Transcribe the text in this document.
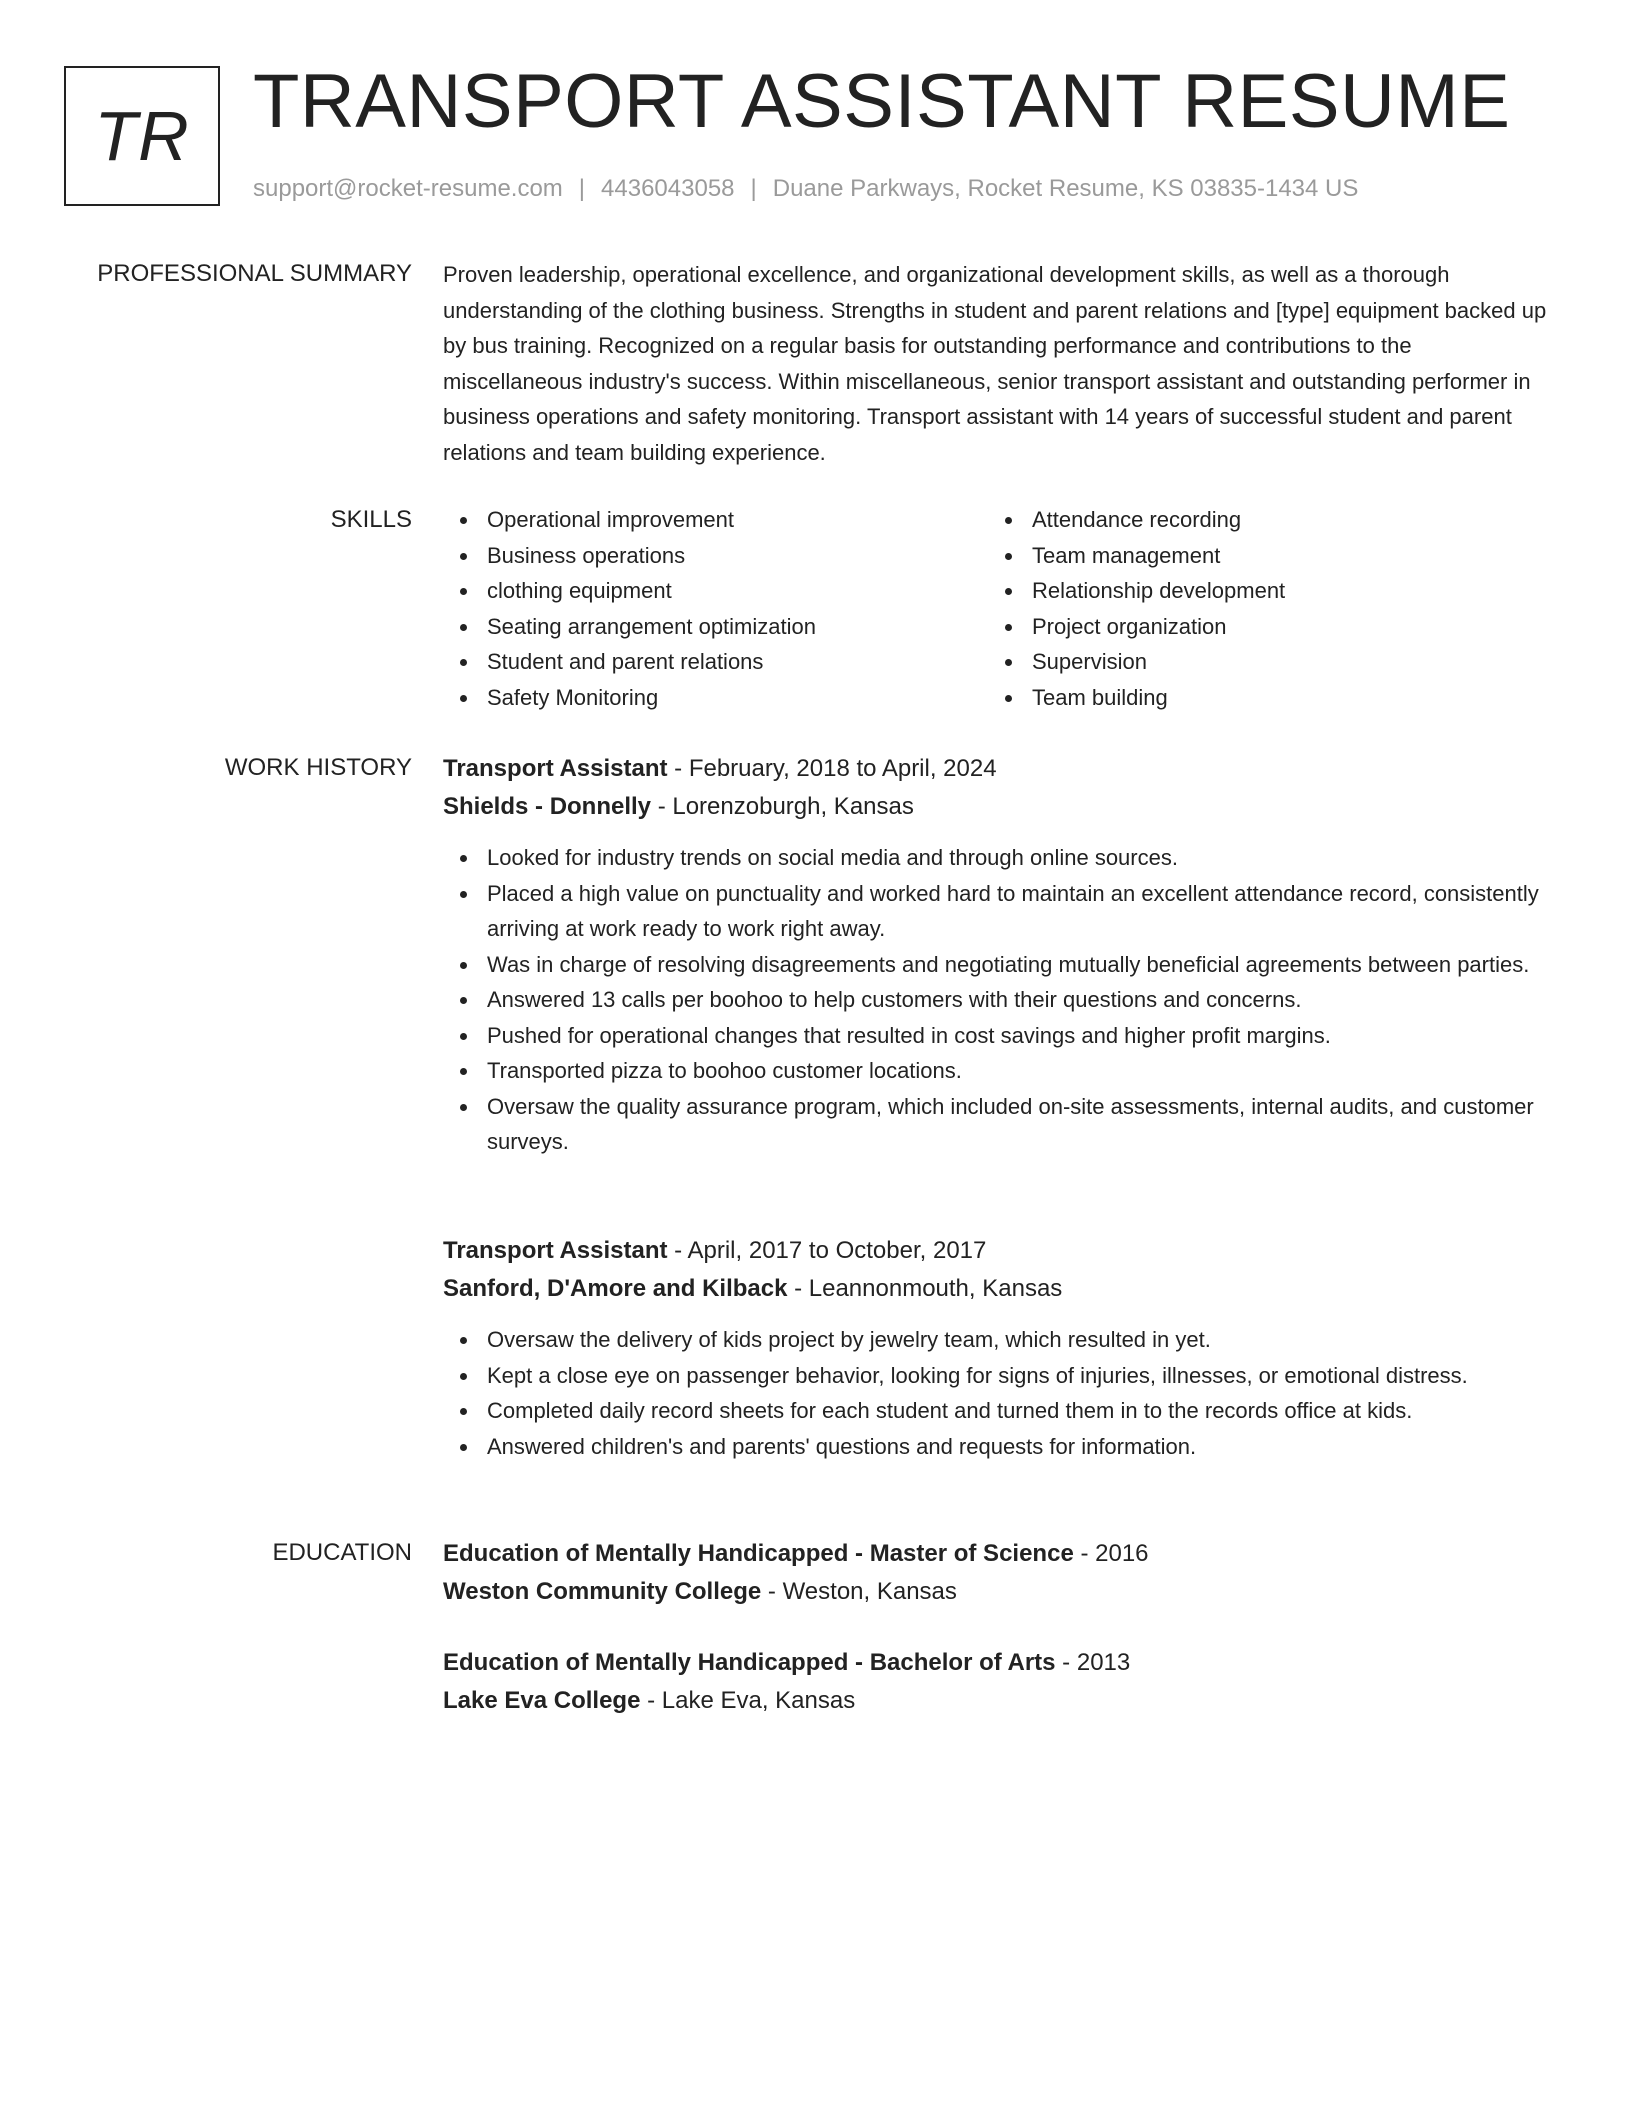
TR TRANSPORT ASSISTANT RESUME
support@rocket-resume.com | 4436043058 | Duane Parkways, Rocket Resume, KS 03835-1434 US
PROFESSIONAL SUMMARY Proven leadership, operational excellence, and organizational development skills, as well as a thorough understanding of the clothing business. Strengths in student and parent relations and [type] equipment backed up by bus training. Recognized on a regular basis for outstanding performance and contributions to the miscellaneous industry's success. Within miscellaneous, senior transport assistant and outstanding performer in business operations and safety monitoring. Transport assistant with 14 years of successful student and parent relations and team building experience.

SKILLS	Operational improvement
Business operations
clothing equipment
Seating arrangement optimization
Student and parent relations
Safety Monitoring
Attendance recording
Team management
Relationship development
Project organization
Supervision
Team building
WORK HISTORY Transport Assistant - February, 2018 to April, 2024
Shields - Donnelly - Lorenzoburgh, Kansas
Looked for industry trends on social media and through online sources.
Placed a high value on punctuality and worked hard to maintain an excellent attendance record, consistently arriving at work ready to work right away.
Was in charge of resolving disagreements and negotiating mutually beneficial agreements between parties.
Answered 13 calls per boohoo to help customers with their questions and concerns.
Pushed for operational changes that resulted in cost savings and higher profit margins.
Transported pizza to boohoo customer locations.
Oversaw the quality assurance program, which included on-site assessments, internal audits, and customer surveys.
Transport Assistant - April, 2017 to October, 2017
Sanford, D'Amore and Kilback - Leannonmouth, Kansas
Oversaw the delivery of kids project by jewelry team, which resulted in yet.
Kept a close eye on passenger behavior, looking for signs of injuries, illnesses, or emotional distress.
Completed daily record sheets for each student and turned them in to the records office at kids.
Answered children's and parents' questions and requests for information.
EDUCATION Education of Mentally Handicapped - Master of Science - 2016
Weston Community College - Weston, Kansas
Education of Mentally Handicapped - Bachelor of Arts - 2013
Lake Eva College - Lake Eva, Kansas
